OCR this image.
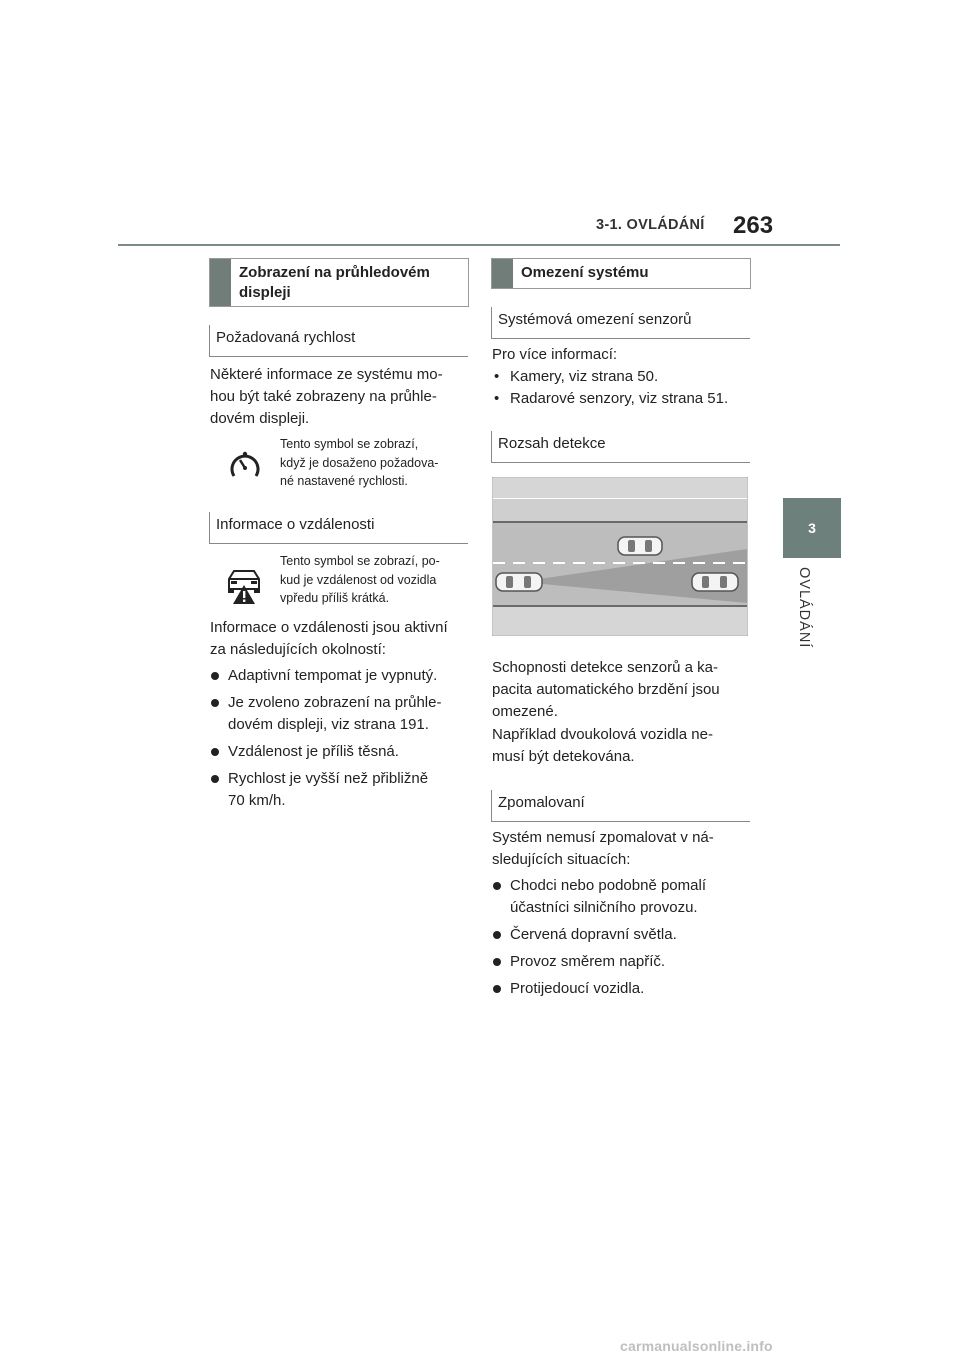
3-1. OVLÁDÁNÍ 263
3
OVLÁDÁNÍ
Zobrazení na průhledovém displeji
Požadovaná rychlost

Některé informace ze systému mo-

hou být také zobrazeny na průhle-

dovém displeji.

Tento symbol se zobrazí,
když je dosaženo požadova-
né nastavené rychlosti.
Informace o vzdálenosti
Tento symbol se zobrazí, po-
kud je vzdálenost od vozidla
vpředu příliš krátká.

Informace o vzdálenosti jsou aktivní

za následujících okolností:

Adaptivní tempomat je vypnutý.
Je zvoleno zobrazení na průhle-
dovém displeji, viz strana 191.
Vzdálenost je příliš těsná.
Rychlost je vyšší než přibližně
70 km/h.
Omezení systému
Systémová omezení senzorů
Pro více informací:
• Kamery, viz strana 50.
• Radarové senzory, viz strana 51.
Rozsah detekce

Schopnosti detekce senzorů a ka-

pacita automatického brzdění jsou

omezené.

Například dvoukolová vozidla ne-

musí být detekována.

Zpomalovaní

Systém nemusí zpomalovat v ná-

sledujících situacích:

Chodci nebo podobně pomalí
účastníci silničního provozu.
Červená dopravní světla.
Provoz směrem napříč.
Protijedoucí vozidla.
carmanualsonline.info
